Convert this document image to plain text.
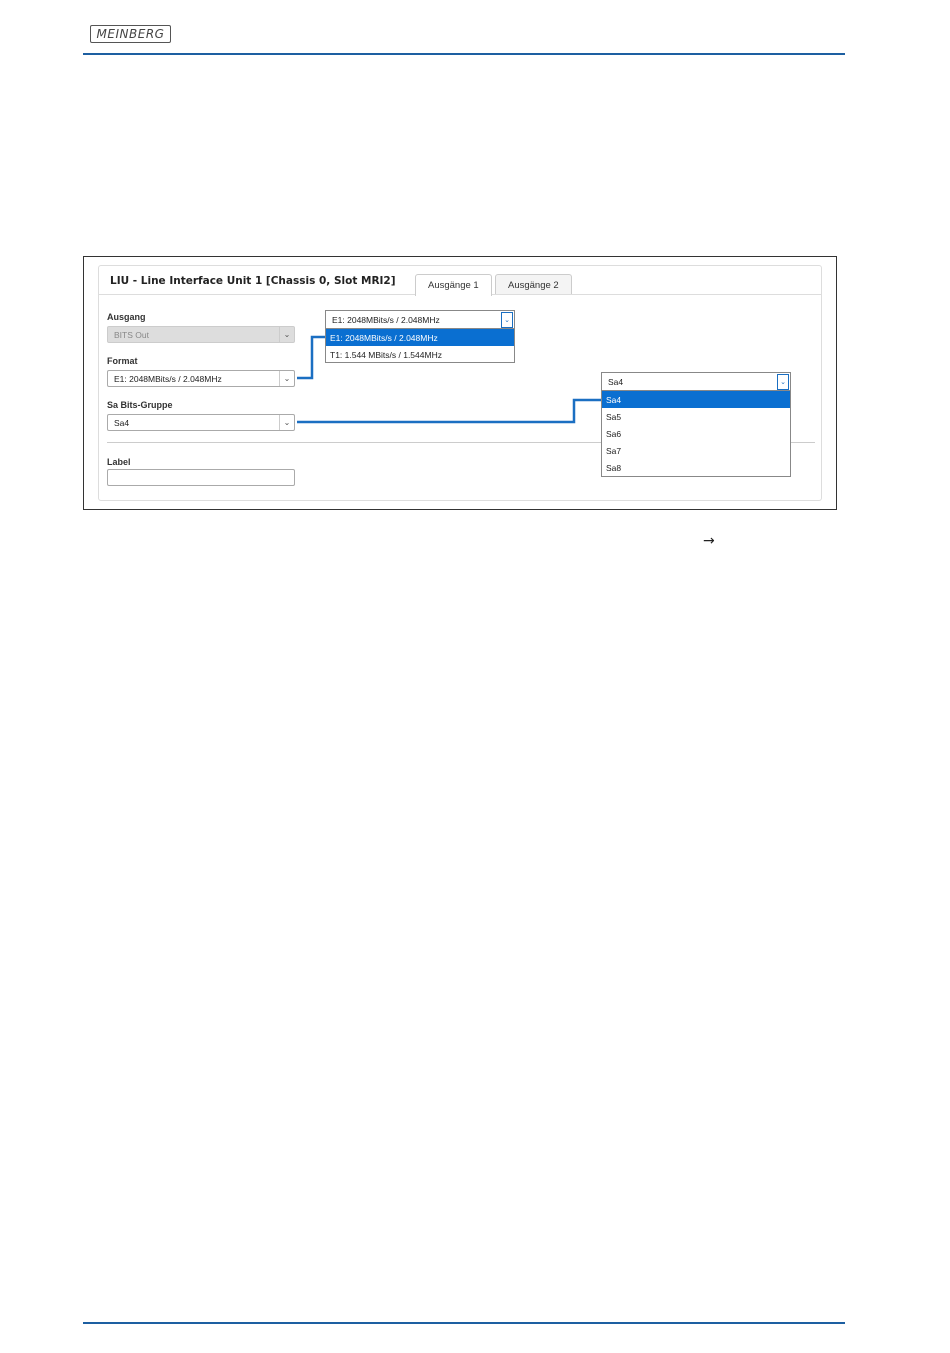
MEINBERG
LIU - Line Interface Unit 1 [Chassis 0, Slot MRI2]	Ausgänge 1	Ausgänge 2
Ausgang
BITS Out	⌄
Format
E1: 2048MBits/s / 2.048MHz	⌄
Sa Bits-Gruppe
Sa4	⌄
Label
E1: 2048MBits/s / 2.048MHz	⌄
E1: 2048MBits/s / 2.048MHz
T1: 1.544 MBits/s / 1.544MHz
Sa4	⌄
Sa4
Sa5
Sa6
Sa7
Sa8
→
